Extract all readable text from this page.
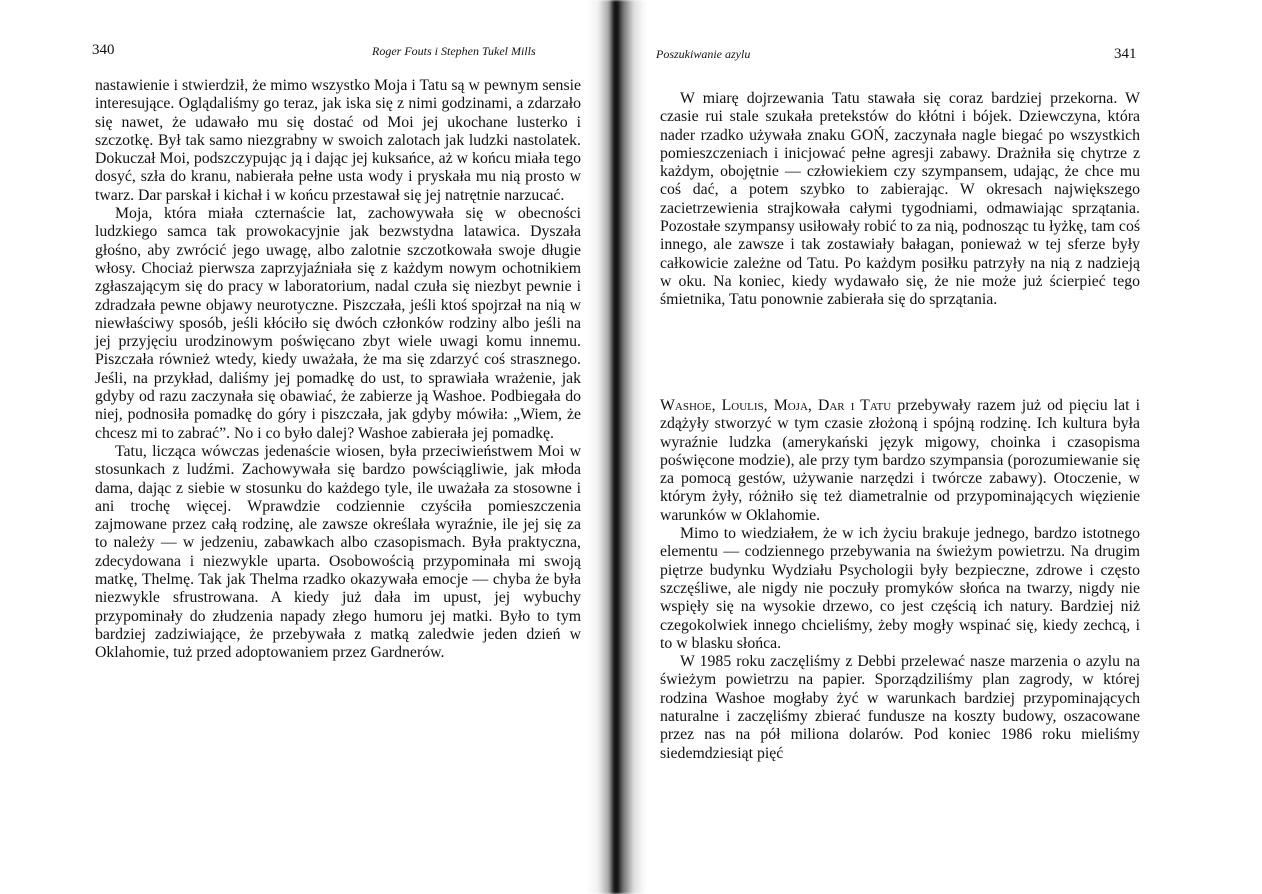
340	Roger Fouts i Stephen Tukel Mills

nastawienie i stwierdził, że mimo wszystko Moja i Tatu są w pewnym sensie interesujące. Oglądaliśmy go teraz, jak iska się z nimi godzinami, a zdarzało się nawet, że udawało mu się dostać od Moi jej ukochane lusterko i szczotkę. Był tak samo niezgrabny w swoich zalotach jak ludzki nastolatek. Dokuczał Moi, podszczypując ją i dając jej kuksańce, aż w końcu miała tego dosyć, szła do kranu, nabierała pełne usta wody i pryskała mu nią prosto w twarz. Dar parskał i kichał i w końcu przestawał się jej natrętnie narzucać.

Moja, która miała czternaście lat, zachowywała się w obecności ludzkiego samca tak prowokacyjnie jak bezwstydna latawica. Dyszała głośno, aby zwrócić jego uwagę, albo zalotnie szczotkowała swoje długie włosy. Chociaż pierwsza zaprzyjaźniała się z każdym nowym ochotnikiem zgłaszającym się do pracy w laboratorium, nadal czuła się niezbyt pewnie i zdradzała pewne objawy neurotyczne. Piszczała, jeśli ktoś spojrzał na nią w niewłaściwy sposób, jeśli kłóciło się dwóch członków rodziny albo jeśli na jej przyjęciu urodzinowym poświęcano zbyt wiele uwagi komu innemu. Piszczała również wtedy, kiedy uważała, że ma się zdarzyć coś strasznego. Jeśli, na przykład, daliśmy jej pomadkę do ust, to sprawiała wrażenie, jak gdyby od razu zaczynała się obawiać, że zabierze ją Washoe. Podbiegała do niej, podnosiła pomadkę do góry i piszczała, jak gdyby mówiła: „Wiem, że chcesz mi to zabrać”. No i co było dalej? Washoe zabierała jej pomadkę.

Tatu, licząca wówczas jedenaście wiosen, była przeciwieństwem Moi w stosunkach z ludźmi. Zachowywała się bardzo powściągliwie, jak młoda dama, dając z siebie w stosunku do każdego tyle, ile uważała za stosowne i ani trochę więcej. Wprawdzie codziennie czyściła pomieszczenia zajmowane przez całą rodzinę, ale zawsze określała wyraźnie, ile jej się za to należy — w jedzeniu, zabawkach albo czasopismach. Była praktyczna, zdecydowana i niezwykle uparta. Osobowością przypominała mi swoją matkę, Thelmę. Tak jak Thelma rzadko okazywała emocje — chyba że była niezwykle sfrustrowana. A kiedy już dała im upust, jej wybuchy przypominały do złudzenia napady złego humoru jej matki. Było to tym bardziej zadziwiające, że przebywała z matką zaledwie jeden dzień w Oklahomie, tuż przed adoptowaniem przez Gardnerów.

Poszukiwanie azylu	341

W miarę dojrzewania Tatu stawała się coraz bardziej przekorna. W czasie rui stale szukała pretekstów do kłótni i bójek. Dziewczyna, która nader rzadko używała znaku GOŃ, zaczynała nagle biegać po wszystkich pomieszczeniach i inicjować pełne agresji zabawy. Drażniła się chytrze z każdym, obojętnie — człowiekiem czy szympansem, udając, że chce mu coś dać, a potem szybko to zabierając. W okresach największego zacietrzewienia strajkowała całymi tygodniami, odmawiając sprzątania. Pozostałe szympansy usiłowały robić to za nią, podnosząc tu łyżkę, tam coś innego, ale zawsze i tak zostawiały bałagan, ponieważ w tej sferze były całkowicie zależne od Tatu. Po każdym posiłku patrzyły na nią z nadzieją w oku. Na koniec, kiedy wydawało się, że nie może już ścierpieć tego śmietnika, Tatu ponownie zabierała się do sprzątania.

Washoe, Loulis, Moja, Dar i Tatu przebywały razem już od pięciu lat i zdążyły stworzyć w tym czasie złożoną i spójną rodzinę. Ich kultura była wyraźnie ludzka (amerykański język migowy, choinka i czasopisma poświęcone modzie), ale przy tym bardzo szympansia (porozumiewanie się za pomocą gestów, używanie narzędzi i twórcze zabawy). Otoczenie, w którym żyły, różniło się też diametralnie od przypominających więzienie warunków w Oklahomie.

Mimo to wiedziałem, że w ich życiu brakuje jednego, bardzo istotnego elementu — codziennego przebywania na świeżym powietrzu. Na drugim piętrze budynku Wydziału Psychologii były bezpieczne, zdrowe i często szczęśliwe, ale nigdy nie poczuły promyków słońca na twarzy, nigdy nie wspięły się na wysokie drzewo, co jest częścią ich natury. Bardziej niż czegokolwiek innego chcieliśmy, żeby mogły wspinać się, kiedy zechcą, i to w blasku słońca.

W 1985 roku zaczęliśmy z Debbi przelewać nasze marzenia o azylu na świeżym powietrzu na papier. Sporządziliśmy plan zagrody, w której rodzina Washoe mogłaby żyć w warunkach bardziej przypominających naturalne i zaczęliśmy zbierać fundusze na koszty budowy, oszacowane przez nas na pół miliona dolarów. Pod koniec 1986 roku mieliśmy siedemdziesiąt pięć
